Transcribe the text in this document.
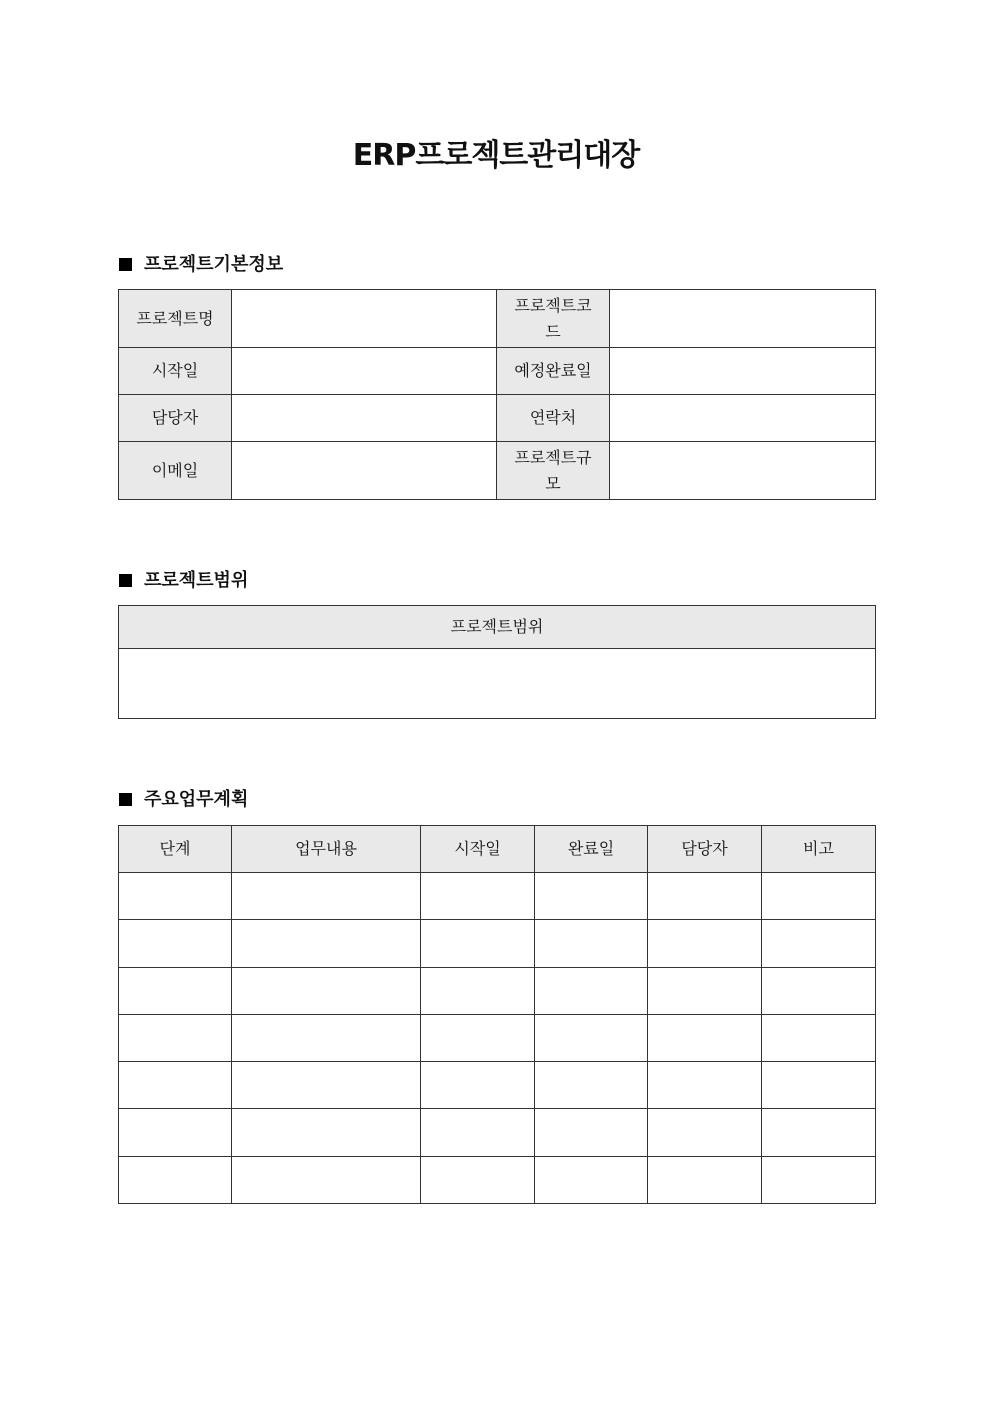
ERP프로젝트관리대장
프로젝트기본정보
프로젝트명		프로젝트코드	
시작일		예정완료일	
담당자		연락처	
이메일		프로젝트규모	
프로젝트범위
프로젝트범위

주요업무계획
단계	업무내용	시작일	완료일	담당자	비고
